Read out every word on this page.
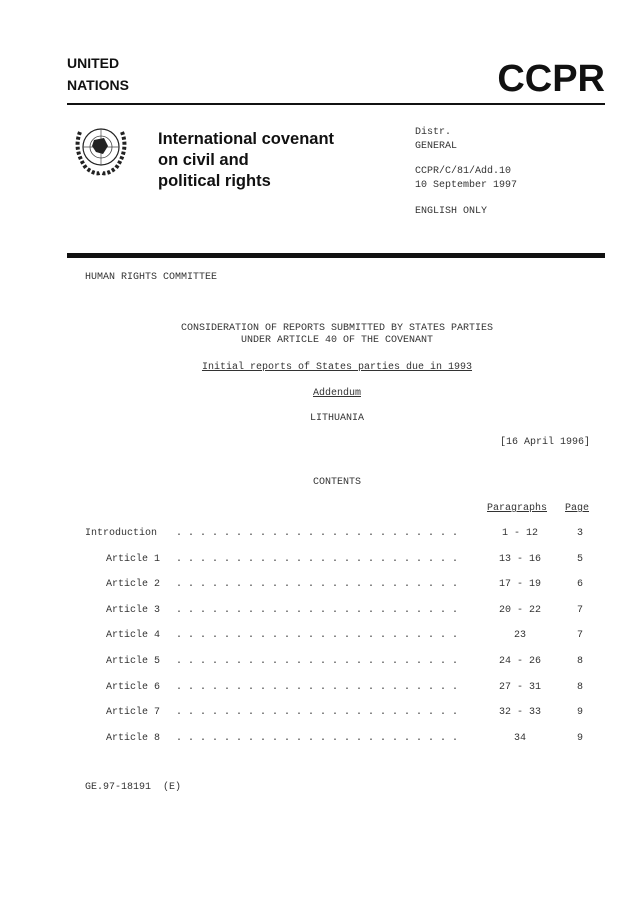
UNITED
NATIONS	CCPR
International covenant
on civil and
political rights
Distr.
GENERAL
CCPR/C/81/Add.10
10 September 1997
ENGLISH ONLY
HUMAN RIGHTS COMMITTEE
CONSIDERATION OF REPORTS SUBMITTED BY STATES PARTIES
UNDER ARTICLE 40 OF THE COVENANT
Initial reports of States parties due in 1993
Addendum
LITHUANIA
[16 April 1996]
CONTENTS
Paragraphs Page
Introduction . . . . . . . . . . . . . . . . . . . . . . . .	1 - 12	3
Article 1 . . . . . . . . . . . . . . . . . . . . . . . .	13 - 16	5
Article 2 . . . . . . . . . . . . . . . . . . . . . . . .	17 - 19	6
Article 3 . . . . . . . . . . . . . . . . . . . . . . . .	20 - 22	7
Article 4 . . . . . . . . . . . . . . . . . . . . . . . .	23	7
Article 5 . . . . . . . . . . . . . . . . . . . . . . . .	24 - 26	8
Article 6 . . . . . . . . . . . . . . . . . . . . . . . .	27 - 31	8
Article 7 . . . . . . . . . . . . . . . . . . . . . . . .	32 - 33	9
Article 8 . . . . . . . . . . . . . . . . . . . . . . . .	34	9
GE.97-18191  (E)
